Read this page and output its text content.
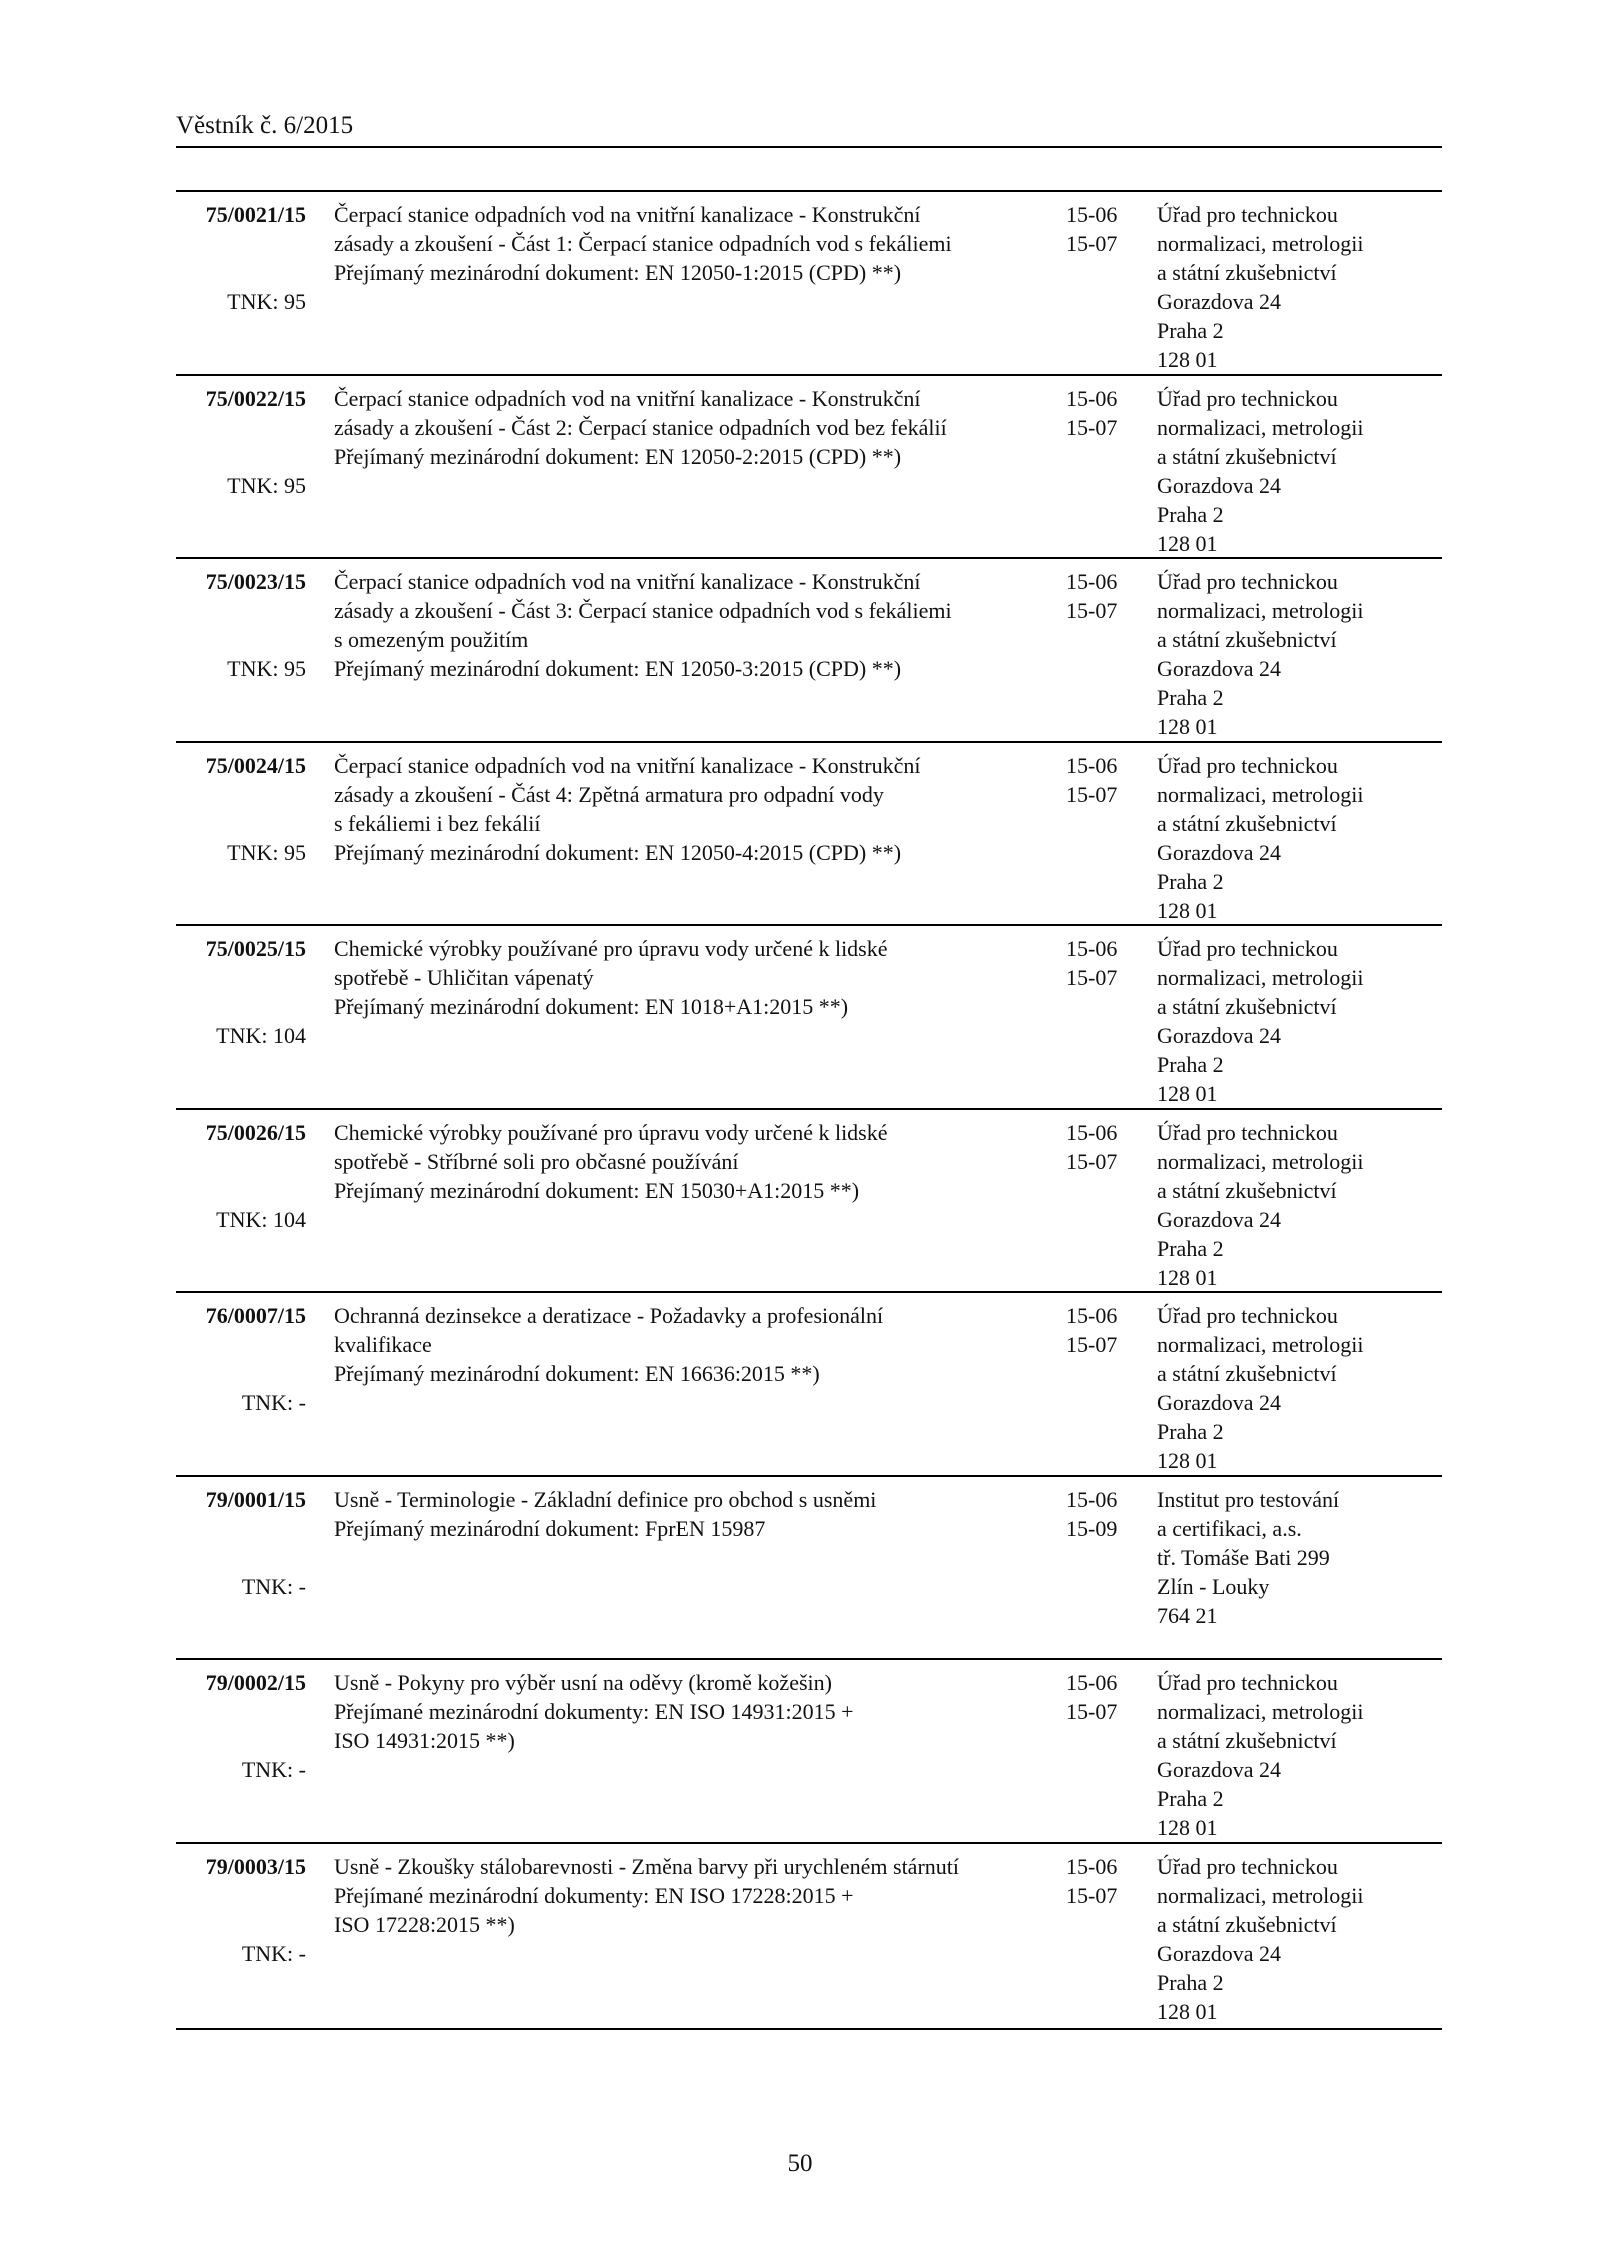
Věstník č. 6/2015
75/0021/15
TNK: 95
Čerpací stanice odpadních vod na vnitřní kanalizace - Konstrukční
zásady a zkoušení - Část 1: Čerpací stanice odpadních vod s fekáliemi
Přejímaný mezinárodní dokument: EN 12050-1:2015 (CPD) **)
15-06
15-07
Úřad pro technickou
normalizaci, metrologii
a státní zkušebnictví
Gorazdova 24
Praha 2
128 01
75/0022/15
TNK: 95
Čerpací stanice odpadních vod na vnitřní kanalizace - Konstrukční
zásady a zkoušení - Část 2: Čerpací stanice odpadních vod bez fekálií
Přejímaný mezinárodní dokument: EN 12050-2:2015 (CPD) **)
15-06
15-07
Úřad pro technickou
normalizaci, metrologii
a státní zkušebnictví
Gorazdova 24
Praha 2
128 01
75/0023/15
TNK: 95
Čerpací stanice odpadních vod na vnitřní kanalizace - Konstrukční
zásady a zkoušení - Část 3: Čerpací stanice odpadních vod s fekáliemi
s omezeným použitím
Přejímaný mezinárodní dokument: EN 12050-3:2015 (CPD) **)
15-06
15-07
Úřad pro technickou
normalizaci, metrologii
a státní zkušebnictví
Gorazdova 24
Praha 2
128 01
75/0024/15
TNK: 95
Čerpací stanice odpadních vod na vnitřní kanalizace - Konstrukční
zásady a zkoušení - Část 4: Zpětná armatura pro odpadní vody
s fekáliemi i bez fekálií
Přejímaný mezinárodní dokument: EN 12050-4:2015 (CPD) **)
15-06
15-07
Úřad pro technickou
normalizaci, metrologii
a státní zkušebnictví
Gorazdova 24
Praha 2
128 01
75/0025/15
TNK: 104
Chemické výrobky používané pro úpravu vody určené k lidské
spotřebě - Uhličitan vápenatý
Přejímaný mezinárodní dokument: EN 1018+A1:2015 **)
15-06
15-07
Úřad pro technickou
normalizaci, metrologii
a státní zkušebnictví
Gorazdova 24
Praha 2
128 01
75/0026/15
TNK: 104
Chemické výrobky používané pro úpravu vody určené k lidské
spotřebě - Stříbrné soli pro občasné používání
Přejímaný mezinárodní dokument: EN 15030+A1:2015 **)
15-06
15-07
Úřad pro technickou
normalizaci, metrologii
a státní zkušebnictví
Gorazdova 24
Praha 2
128 01
76/0007/15
TNK: -
Ochranná dezinsekce a deratizace - Požadavky a profesionální
kvalifikace
Přejímaný mezinárodní dokument: EN 16636:2015 **)
15-06
15-07
Úřad pro technickou
normalizaci, metrologii
a státní zkušebnictví
Gorazdova 24
Praha 2
128 01
79/0001/15
TNK: -
Usně - Terminologie - Základní definice pro obchod s usněmi
Přejímaný mezinárodní dokument: FprEN 15987
15-06
15-09
Institut pro testování
a certifikaci, a.s.
tř. Tomáše Bati 299
Zlín - Louky
764 21
79/0002/15
TNK: -
Usně - Pokyny pro výběr usní na oděvy (kromě kožešin)
Přejímané mezinárodní dokumenty: EN ISO 14931:2015 +
ISO 14931:2015 **)
15-06
15-07
Úřad pro technickou
normalizaci, metrologii
a státní zkušebnictví
Gorazdova 24
Praha 2
128 01
79/0003/15
TNK: -
Usně - Zkoušky stálobarevnosti - Změna barvy při urychleném stárnutí
Přejímané mezinárodní dokumenty: EN ISO 17228:2015 +
ISO 17228:2015 **)
15-06
15-07
Úřad pro technickou
normalizaci, metrologii
a státní zkušebnictví
Gorazdova 24
Praha 2
128 01
50
